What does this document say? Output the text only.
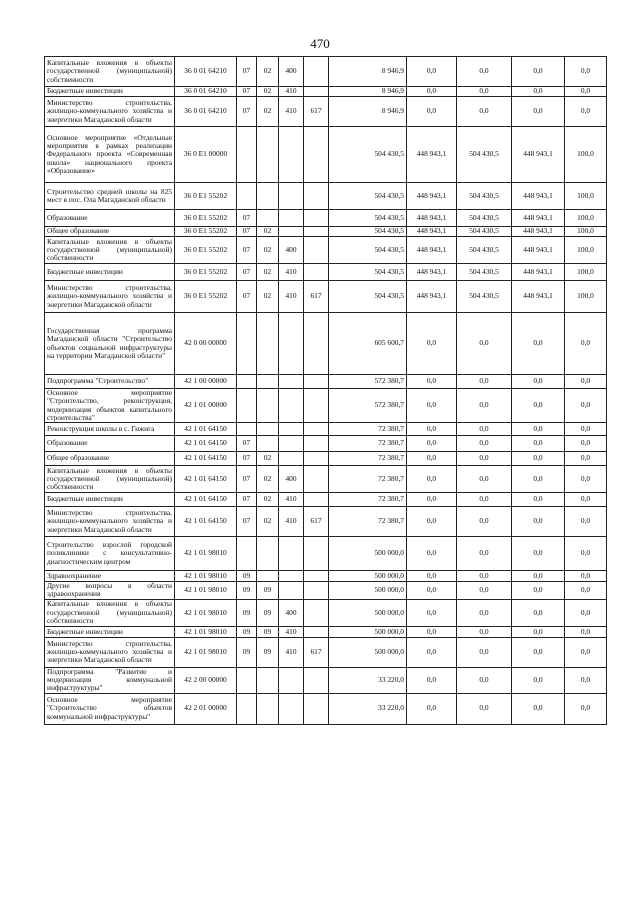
470
Капитальные вложения в объекты государственной (муниципальной) собственности	36 0 01 64210	07	02	400		8 946,9	0,0	0,0	0,0	0,0
Бюджетные инвестиции	36 0 01 64210	07	02	410		8 946,9	0,0	0,0	0,0	0,0
Министерство строительства, жилищно-коммунального хозяйства и энергетики Магаданской области	36 0 01 64210	07	02	410	617	8 946,9	0,0	0,0	0,0	0,0
Основное мероприятие «Отдельные мероприятия в рамках реализации Федерального проекта «Современная школа» национального проекта «Образование»	36 0 E1 00000					504 430,5	448 943,1	504 430,5	448 943,1	100,0
Строительство средней школы на 825 мест в пос. Ола Магаданской области	36 0 E1 55202					504 430,5	448 943,1	504 430,5	448 943,1	100,0
Образование	36 0 E1 55202	07				504 430,5	448 943,1	504 430,5	448 943,1	100,0
Общее образование	36 0 E1 55202	07	02			504 430,5	448 943,1	504 430,5	448 943,1	100,0
Капитальные вложения в объекты государственной (муниципальной) собственности	36 0 E1 55202	07	02	400		504 430,5	448 943,1	504 430,5	448 943,1	100,0
Бюджетные инвестиции	36 0 E1 55202	07	02	410		504 430,5	448 943,1	504 430,5	448 943,1	100,0
Министерство строительства, жилищно-коммунального хозяйства и энергетики Магаданской области	36 0 E1 55202	07	02	410	617	504 430,5	448 943,1	504 430,5	448 943,1	100,0
Государственная программа Магаданской области "Строительство объектов социальной инфраструктуры на территории Магаданской области"	42 0 00 00000					605 600,7	0,0	0,0	0,0	0,0
Подпрограмма "Строительство"	42 1 00 00000					572 380,7	0,0	0,0	0,0	0,0
Основное мероприятие "Строительство, реконструкция, модернизация объектов капитального строительства"	42 1 01 00000					572 380,7	0,0	0,0	0,0	0,0
Реконструкция школы в с. Гижига	42 1 01 64150					72 380,7	0,0	0,0	0,0	0,0
Образование	42 1 01 64150	07				72 380,7	0,0	0,0	0,0	0,0
Общее образование	42 1 01 64150	07	02			72 380,7	0,0	0,0	0,0	0,0
Капитальные вложения в объекты государственной (муниципальной) собственности	42 1 01 64150	07	02	400		72 380,7	0,0	0,0	0,0	0,0
Бюджетные инвестиции	42 1 01 64150	07	02	410		72 380,7	0,0	0,0	0,0	0,0
Министерство строительства, жилищно-коммунального хозяйства и энергетики Магаданской области	42 1 01 64150	07	02	410	617	72 380,7	0,0	0,0	0,0	0,0
Строительство взрослой городской поликлиники с консультативно-диагностическим центром	42 1 01 98010					500 000,0	0,0	0,0	0,0	0,0
Здравоохранение	42 1 01 98010	09				500 000,0	0,0	0,0	0,0	0,0
Другие вопросы в области здравоохранения	42 1 01 98010	09	09			500 000,0	0,0	0,0	0,0	0,0
Капитальные вложения в объекты государственной (муниципальной) собственности	42 1 01 98010	09	09	400		500 000,0	0,0	0,0	0,0	0,0
Бюджетные инвестиции	42 1 01 98010	09	09	410		500 000,0	0,0	0,0	0,0	0,0
Министерство строительства, жилищно-коммунального хозяйства и энергетики Магаданской области	42 1 01 98010	09	09	410	617	500 000,0	0,0	0,0	0,0	0,0
Подпрограмма "Развитие и модернизация коммунальной инфраструктуры"	42 2 00 00000					33 220,0	0,0	0,0	0,0	0,0
Основное мероприятие "Строительство объектов коммунальной инфраструктуры"	42 2 01 00000					33 220,0	0,0	0,0	0,0	0,0
